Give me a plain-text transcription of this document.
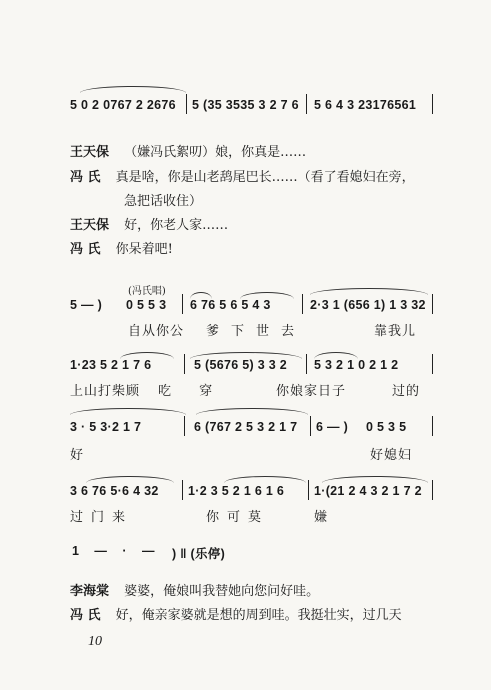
5 0 2 0767 2 2676 5 (35 3535 3 2 7 6 5 6 4 3 23176561
王天保 （嫌冯氏絮叨）娘，你真是……
冯 氏 真是啥，你是山老鸹尾巴长……（看了看媳妇在旁，
急把话收住）
王天保 好，你老人家……
冯 氏 你呆着吧!
(冯氏唱)
5 — ) 0 5 5 3 6 76 5 6 5 4 3	2·3 1 (656 1) 1 3 32
自从你公 爹下世去	靠我儿
1·23 5 2 1 7 6	5 (5676 5) 3 3 2 5 3 2 1 0 2 1 2
上山打柴顾 吃 穿	你娘家日子	过的
3 · 5 3·2 1 7	6 (767 2 5 3 2 1 7 6 — ) 0 5 3 5
好	好媳妇
3 6 76 5·6 4 32 1·2 3 5 2 1 6 1 6 1·(21 2 4 3 2 1 7 2
过门来	你可莫	嫌
1 — · — ) ‖ (乐停)
李海棠 婆婆，俺娘叫我替她向您问好哇。
冯 氏 好，俺亲家婆就是想的周到哇。我挺壮实，过几天
10
